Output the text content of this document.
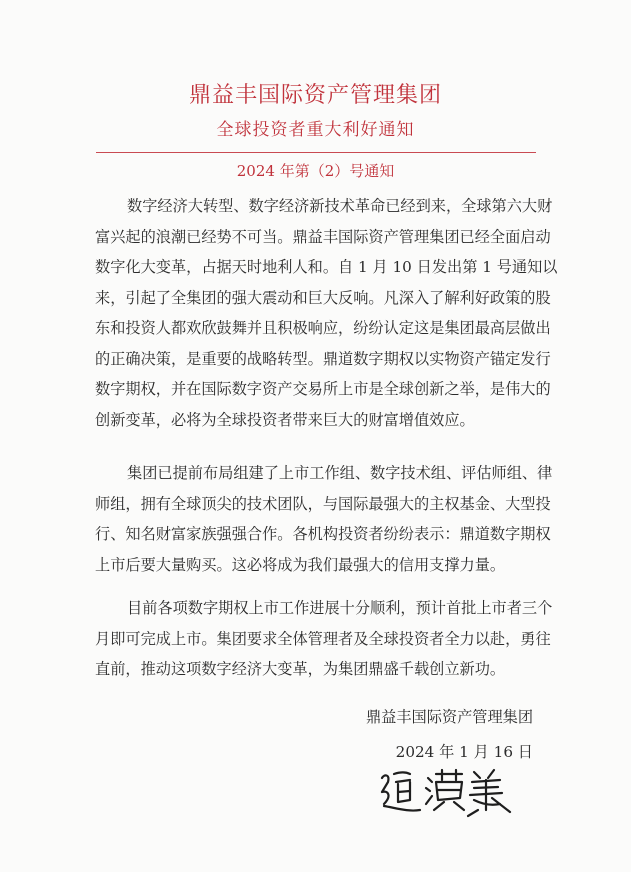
鼎益丰国际资产管理集团
全球投资者重大利好通知
2024 年第（2）号通知
数字经济大转型、数字经济新技术革命已经到来，全球第六大财
富兴起的浪潮已经势不可当。鼎益丰国际资产管理集团已经全面启动
数字化大变革，占据天时地利人和。自 1 月 10 日发出第 1 号通知以
来，引起了全集团的强大震动和巨大反响。凡深入了解利好政策的股
东和投资人都欢欣鼓舞并且积极响应，纷纷认定这是集团最高层做出
的正确决策，是重要的战略转型。鼎道数字期权以实物资产锚定发行
数字期权，并在国际数字资产交易所上市是全球创新之举，是伟大的
创新变革，必将为全球投资者带来巨大的财富增值效应。
集团已提前布局组建了上市工作组、数字技术组、评估师组、律
师组，拥有全球顶尖的技术团队，与国际最强大的主权基金、大型投
行、知名财富家族强强合作。各机构投资者纷纷表示：鼎道数字期权
上市后要大量购买。这必将成为我们最强大的信用支撑力量。
目前各项数字期权上市工作进展十分顺利，预计首批上市者三个
月即可完成上市。集团要求全体管理者及全球投资者全力以赴，勇往
直前，推动这项数字经济大变革，为集团鼎盛千载创立新功。
鼎益丰国际资产管理集团
2024 年 1 月 16 日
